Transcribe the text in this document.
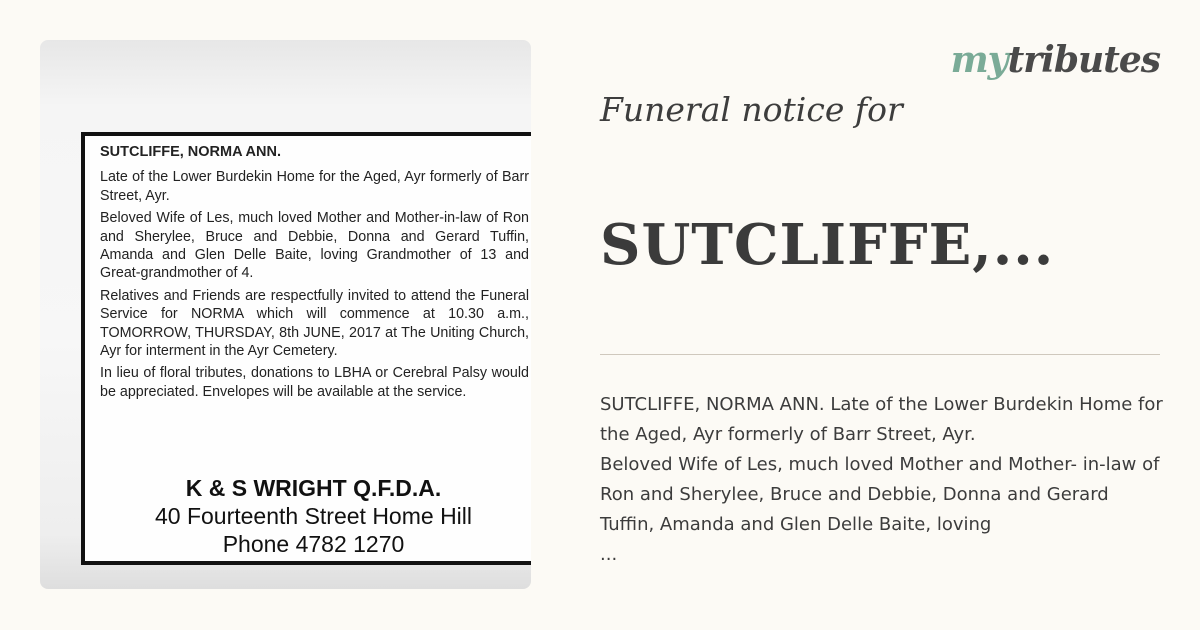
SUTCLIFFE, NORMA ANN.

Late of the Lower Burdekin Home for the Aged, Ayr formerly of Barr Street, Ayr.

Beloved Wife of Les, much loved Mother and Mother-in-law of Ron and Sherylee, Bruce and Debbie, Donna and Gerard Tuffin, Amanda and Glen Delle Baite, loving Grandmother of 13 and Great-grandmother of 4.

Relatives and Friends are respectfully invited to attend the Funeral Service for NORMA which will commence at 10.30 a.m., TOMORROW, THURSDAY, 8th JUNE, 2017 at The Uniting Church, Ayr for interment in the Ayr Cemetery.

In lieu of floral tributes, donations to LBHA or Cerebral Palsy would be appreciated. Envelopes will be available at the service.

K & S WRIGHT Q.F.D.A.
40 Fourteenth Street Home Hill
Phone 4782 1270
mytributes
Funeral notice for
SUTCLIFFE,...

SUTCLIFFE, NORMA ANN. Late of the Lower Burdekin Home for the Aged, Ayr formerly of Barr Street, Ayr.

Beloved Wife of Les, much loved Mother and Mother- in-law of Ron and Sherylee, Bruce and Debbie, Donna and Gerard Tuffin, Amanda and Glen Delle Baite, loving

...
